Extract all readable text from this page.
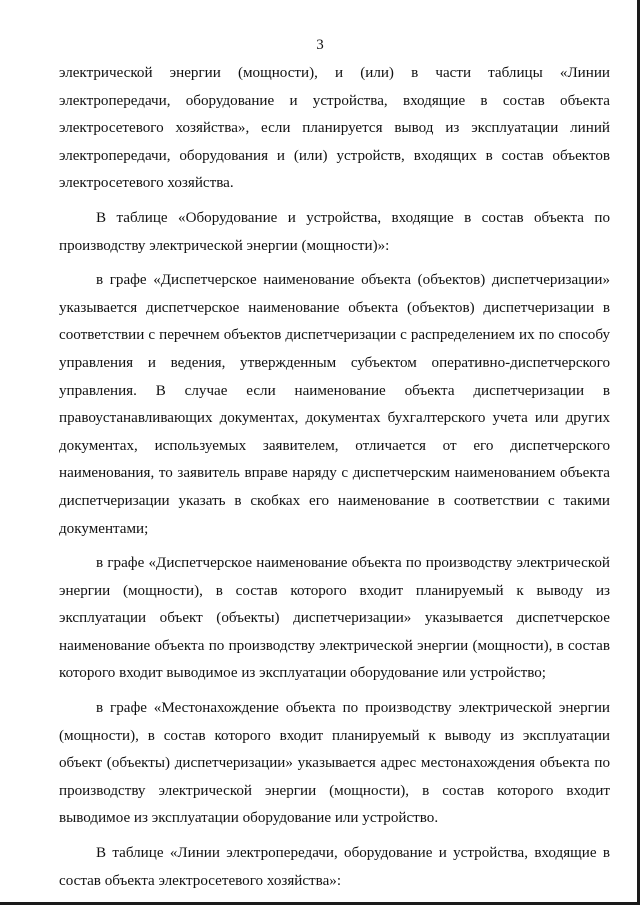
3

электрической энергии (мощности), и (или) в части таблицы «Линии электропередачи, оборудование и устройства, входящие в состав объекта электросетевого хозяйства», если планируется вывод из эксплуатации линий электропередачи, оборудования и (или) устройств, входящих в состав объектов электросетевого хозяйства.

В таблице «Оборудование и устройства, входящие в состав объекта по производству электрической энергии (мощности)»:

в графе «Диспетчерское наименование объекта (объектов) диспетчеризации» указывается диспетчерское наименование объекта (объектов) диспетчеризации в соответствии с перечнем объектов диспетчеризации с распределением их по способу управления и ведения, утвержденным субъектом оперативно-диспетчерского управления. В случае если наименование объекта диспетчеризации в правоустанавливающих документах, документах бухгалтерского учета или других документах, используемых заявителем, отличается от его диспетчерского наименования, то заявитель вправе наряду с диспетчерским наименованием объекта диспетчеризации указать в скобках его наименование в соответствии с такими документами;

в графе «Диспетчерское наименование объекта по производству электрической энергии (мощности), в состав которого входит планируемый к выводу из эксплуатации объект (объекты) диспетчеризации» указывается диспетчерское наименование объекта по производству электрической энергии (мощности), в состав которого входит выводимое из эксплуатации оборудование или устройство;

в графе «Местонахождение объекта по производству электрической энергии (мощности), в состав которого входит планируемый к выводу из эксплуатации объект (объекты) диспетчеризации» указывается адрес местонахождения объекта по производству электрической энергии (мощности), в состав которого входит выводимое из эксплуатации оборудование или устройство.

В таблице «Линии электропередачи, оборудование и устройства, входящие в состав объекта электросетевого хозяйства»:
